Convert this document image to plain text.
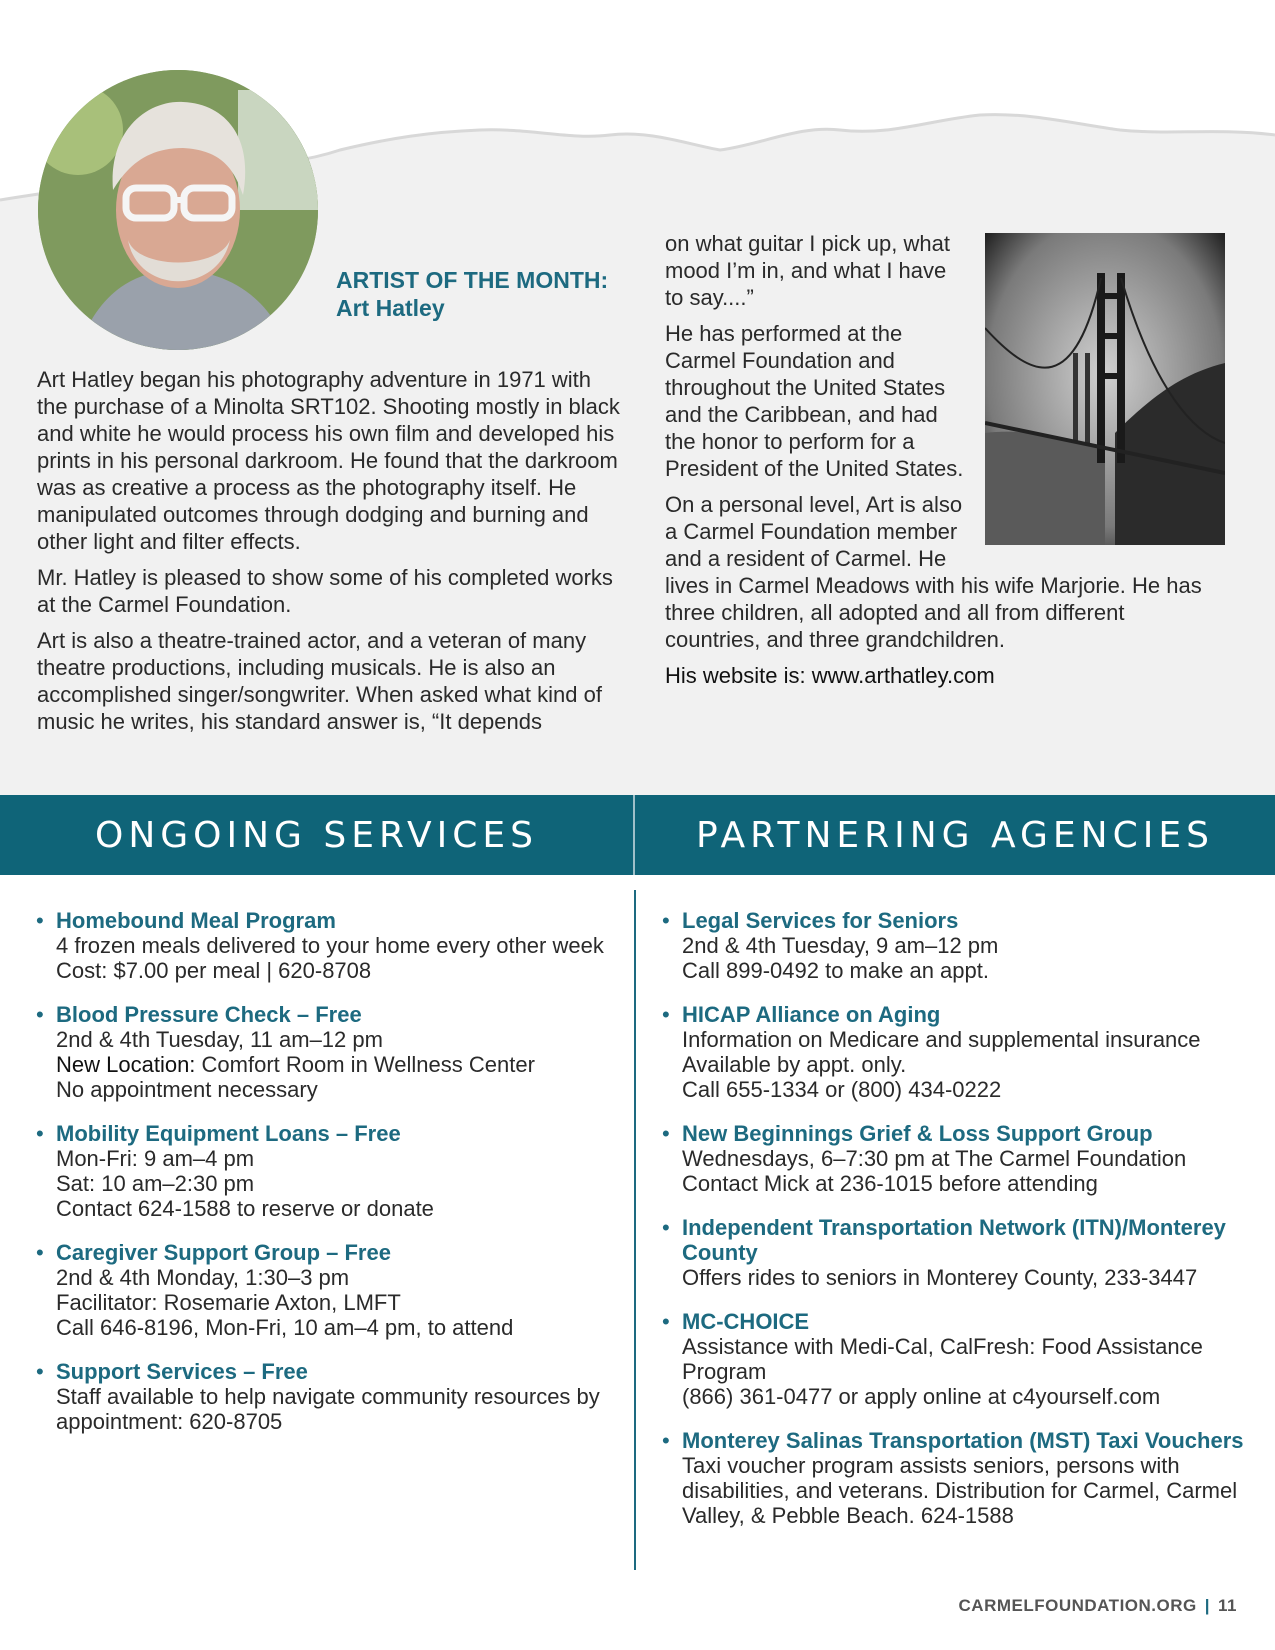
ARTIST OF THE MONTH:
Art Hatley

Art Hatley began his photography adventure in 1971 with the purchase of a Minolta SRT102. Shooting mostly in black and white he would process his own film and developed his prints in his personal darkroom. He found that the darkroom was as creative a process as the photography itself. He manipulated outcomes through dodging and burning and other light and filter effects.

Mr. Hatley is pleased to show some of his completed works at the Carmel Foundation.

Art is also a theatre-trained actor, and a veteran of many theatre productions, including musicals. He is also an accomplished singer/songwriter. When asked what kind of music he writes, his standard answer is, “It depends

on what guitar I pick up, what mood I’m in, and what I have to say....”

He has performed at the Carmel Foundation and throughout the United States and the Caribbean, and had the honor to perform for a President of the United States.

On a personal level, Art is also a Carmel Foundation member and a resident of Carmel. He lives in Carmel Meadows with his wife Marjorie. He has three children, all adopted and all from different countries, and three grandchildren.

His website is: www.arthatley.com

ONGOING SERVICES	PARTNERING AGENCIES
• Homebound Meal Program
4 frozen meals delivered to your home every other week
Cost: $7.00 per meal | 620-8708
• Blood Pressure Check – Free
2nd & 4th Tuesday, 11 am–12 pm
New Location: Comfort Room in Wellness Center
No appointment necessary
• Mobility Equipment Loans – Free
Mon-Fri: 9 am–4 pm
Sat: 10 am–2:30 pm
Contact 624-1588 to reserve or donate
• Caregiver Support Group – Free
2nd & 4th Monday, 1:30–3 pm
Facilitator: Rosemarie Axton, LMFT
Call 646-8196, Mon-Fri, 10 am–4 pm, to attend
• Support Services – Free
Staff available to help navigate community resources by appointment: 620-8705
• Legal Services for Seniors
2nd & 4th Tuesday, 9 am–12 pm
Call 899-0492 to make an appt.
• HICAP Alliance on Aging
Information on Medicare and supplemental insurance
Available by appt. only.
Call 655-1334 or (800) 434-0222
• New Beginnings Grief & Loss Support Group
Wednesdays, 6–7:30 pm at The Carmel Foundation
Contact Mick at 236-1015 before attending
• Independent Transportation Network (ITN)/Monterey County
Offers rides to seniors in Monterey County, 233-3447
• MC-CHOICE
Assistance with Medi-Cal, CalFresh: Food Assistance Program
(866) 361-0477 or apply online at c4yourself.com
• Monterey Salinas Transportation (MST) Taxi Vouchers
Taxi voucher program assists seniors, persons with disabilities, and veterans. Distribution for Carmel, Carmel Valley, & Pebble Beach. 624-1588
CARMELFOUNDATION.ORG | 11
